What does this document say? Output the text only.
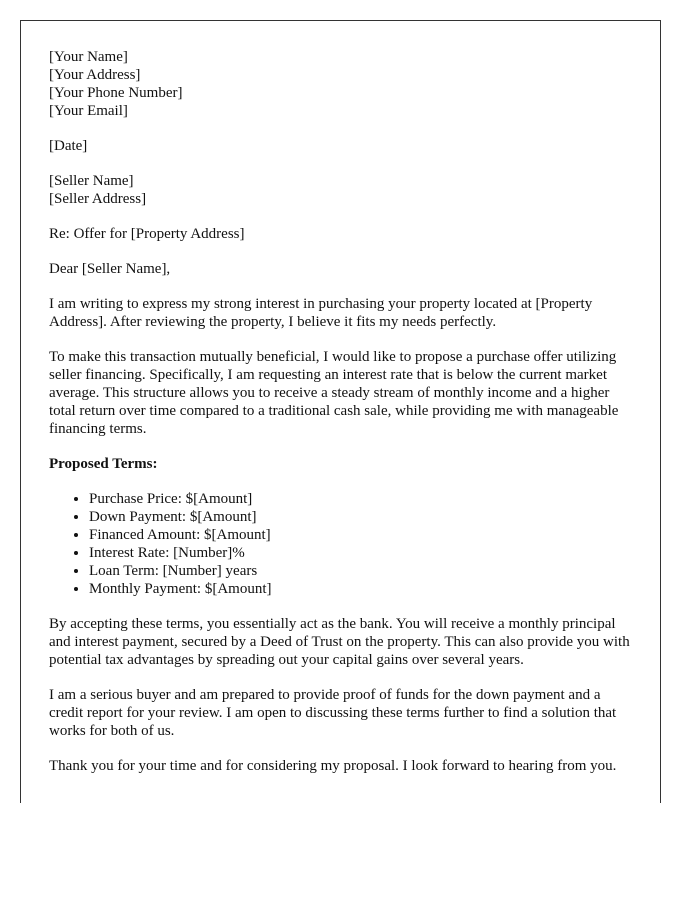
[Your Name]
[Your Address]
[Your Phone Number]
[Your Email]

[Date]

[Seller Name]
[Seller Address]

Re: Offer for [Property Address]

Dear [Seller Name],

I am writing to express my strong interest in purchasing your property located at [Property Address]. After reviewing the property, I believe it fits my needs perfectly.

To make this transaction mutually beneficial, I would like to propose a purchase offer utilizing seller financing. Specifically, I am requesting an interest rate that is below the current market average. This structure allows you to receive a steady stream of monthly income and a higher total return over time compared to a traditional cash sale, while providing me with manageable financing terms.

Proposed Terms:
• Purchase Price: $[Amount]
• Down Payment: $[Amount]
• Financed Amount: $[Amount]
• Interest Rate: [Number]%
• Loan Term: [Number] years
• Monthly Payment: $[Amount]

By accepting these terms, you essentially act as the bank. You will receive a monthly principal and interest payment, secured by a Deed of Trust on the property. This can also provide you with potential tax advantages by spreading out your capital gains over several years.

I am a serious buyer and am prepared to provide proof of funds for the down payment and a credit report for your review. I am open to discussing these terms further to find a solution that works for both of us.

Thank you for your time and for considering my proposal. I look forward to hearing from you.
